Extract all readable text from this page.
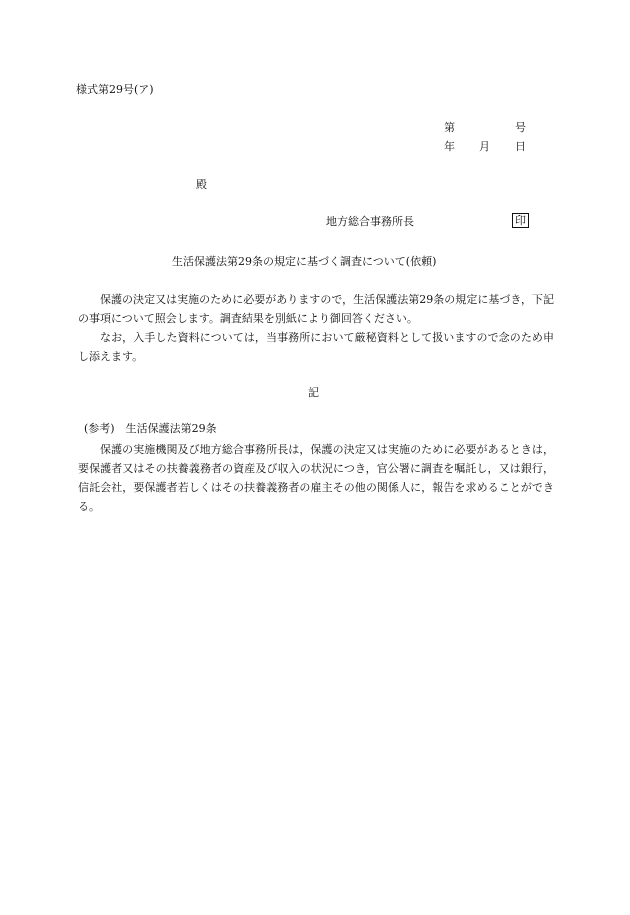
様式第29号(ア)
第	号
年 月 日
殿
地方総合事務所長	印
生活保護法第29条の規定に基づく調査について(依頼)
保護の決定又は実施のために必要がありますので，生活保護法第29条の規定に基づき，下記の事項について照会します。調査結果を別紙により御回答ください。
なお，入手した資料については，当事務所において厳秘資料として扱いますので念のため申し添えます。
記
(参考)　生活保護法第29条
保護の実施機関及び地方総合事務所長は，保護の決定又は実施のために必要があるときは，要保護者又はその扶養義務者の資産及び収入の状況につき，官公署に調査を嘱託し，又は銀行，信託会社，要保護者若しくはその扶養義務者の雇主その他の関係人に，報告を求めることができる。
